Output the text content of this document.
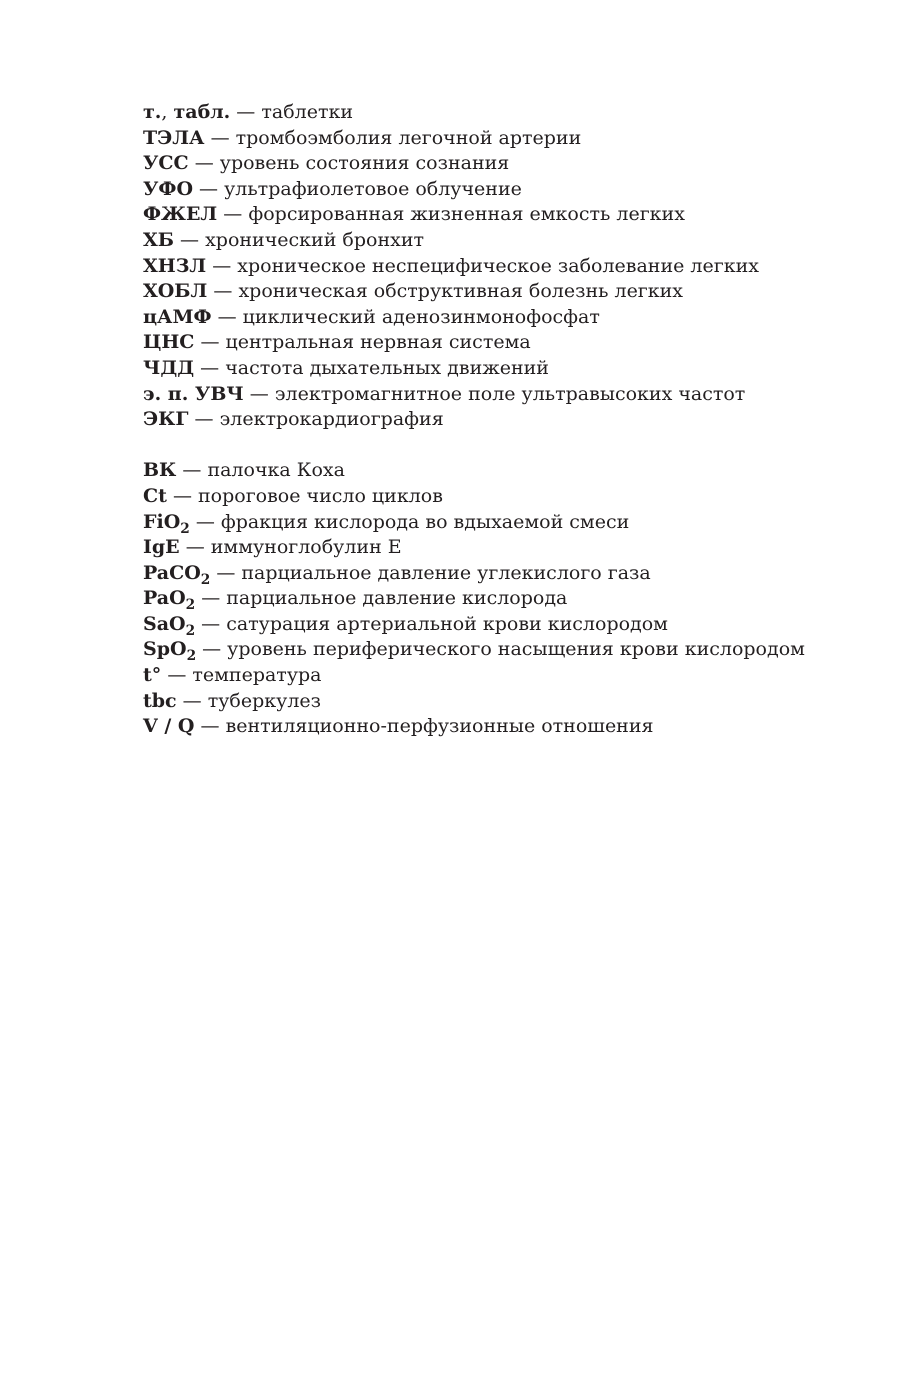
т., табл. — таблетки
ТЭЛА — тромбоэмболия легочной артерии
УСС — уровень состояния сознания
УФО — ультрафиолетовое облучение
ФЖЕЛ — форсированная жизненная емкость легких
ХБ — хронический бронхит
ХНЗЛ — хроническое неспецифическое заболевание легких
ХОБЛ — хроническая обструктивная болезнь легких
цАМФ — циклический аденозинмонофосфат
ЦНС — центральная нервная система
ЧДД — частота дыхательных движений
э. п. УВЧ — электромагнитное поле ультравысоких частот
ЭКГ — электрокардиография
ВК — палочка Коха
Ct — пороговое число циклов
FiO$_2$ — фракция кислорода во вдыхаемой смеси
IgE — иммуноглобулин Е
PaCO$_2$ — парциальное давление углекислого газа
PaO$_2$ — парциальное давление кислорода
SaO$_2$ — сатурация артериальной крови кислородом
SpO$_2$ — уровень периферического насыщения крови кислородом
t° — температура
tbc — туберкулез
V / Q — вентиляционно-перфузионные отношения
